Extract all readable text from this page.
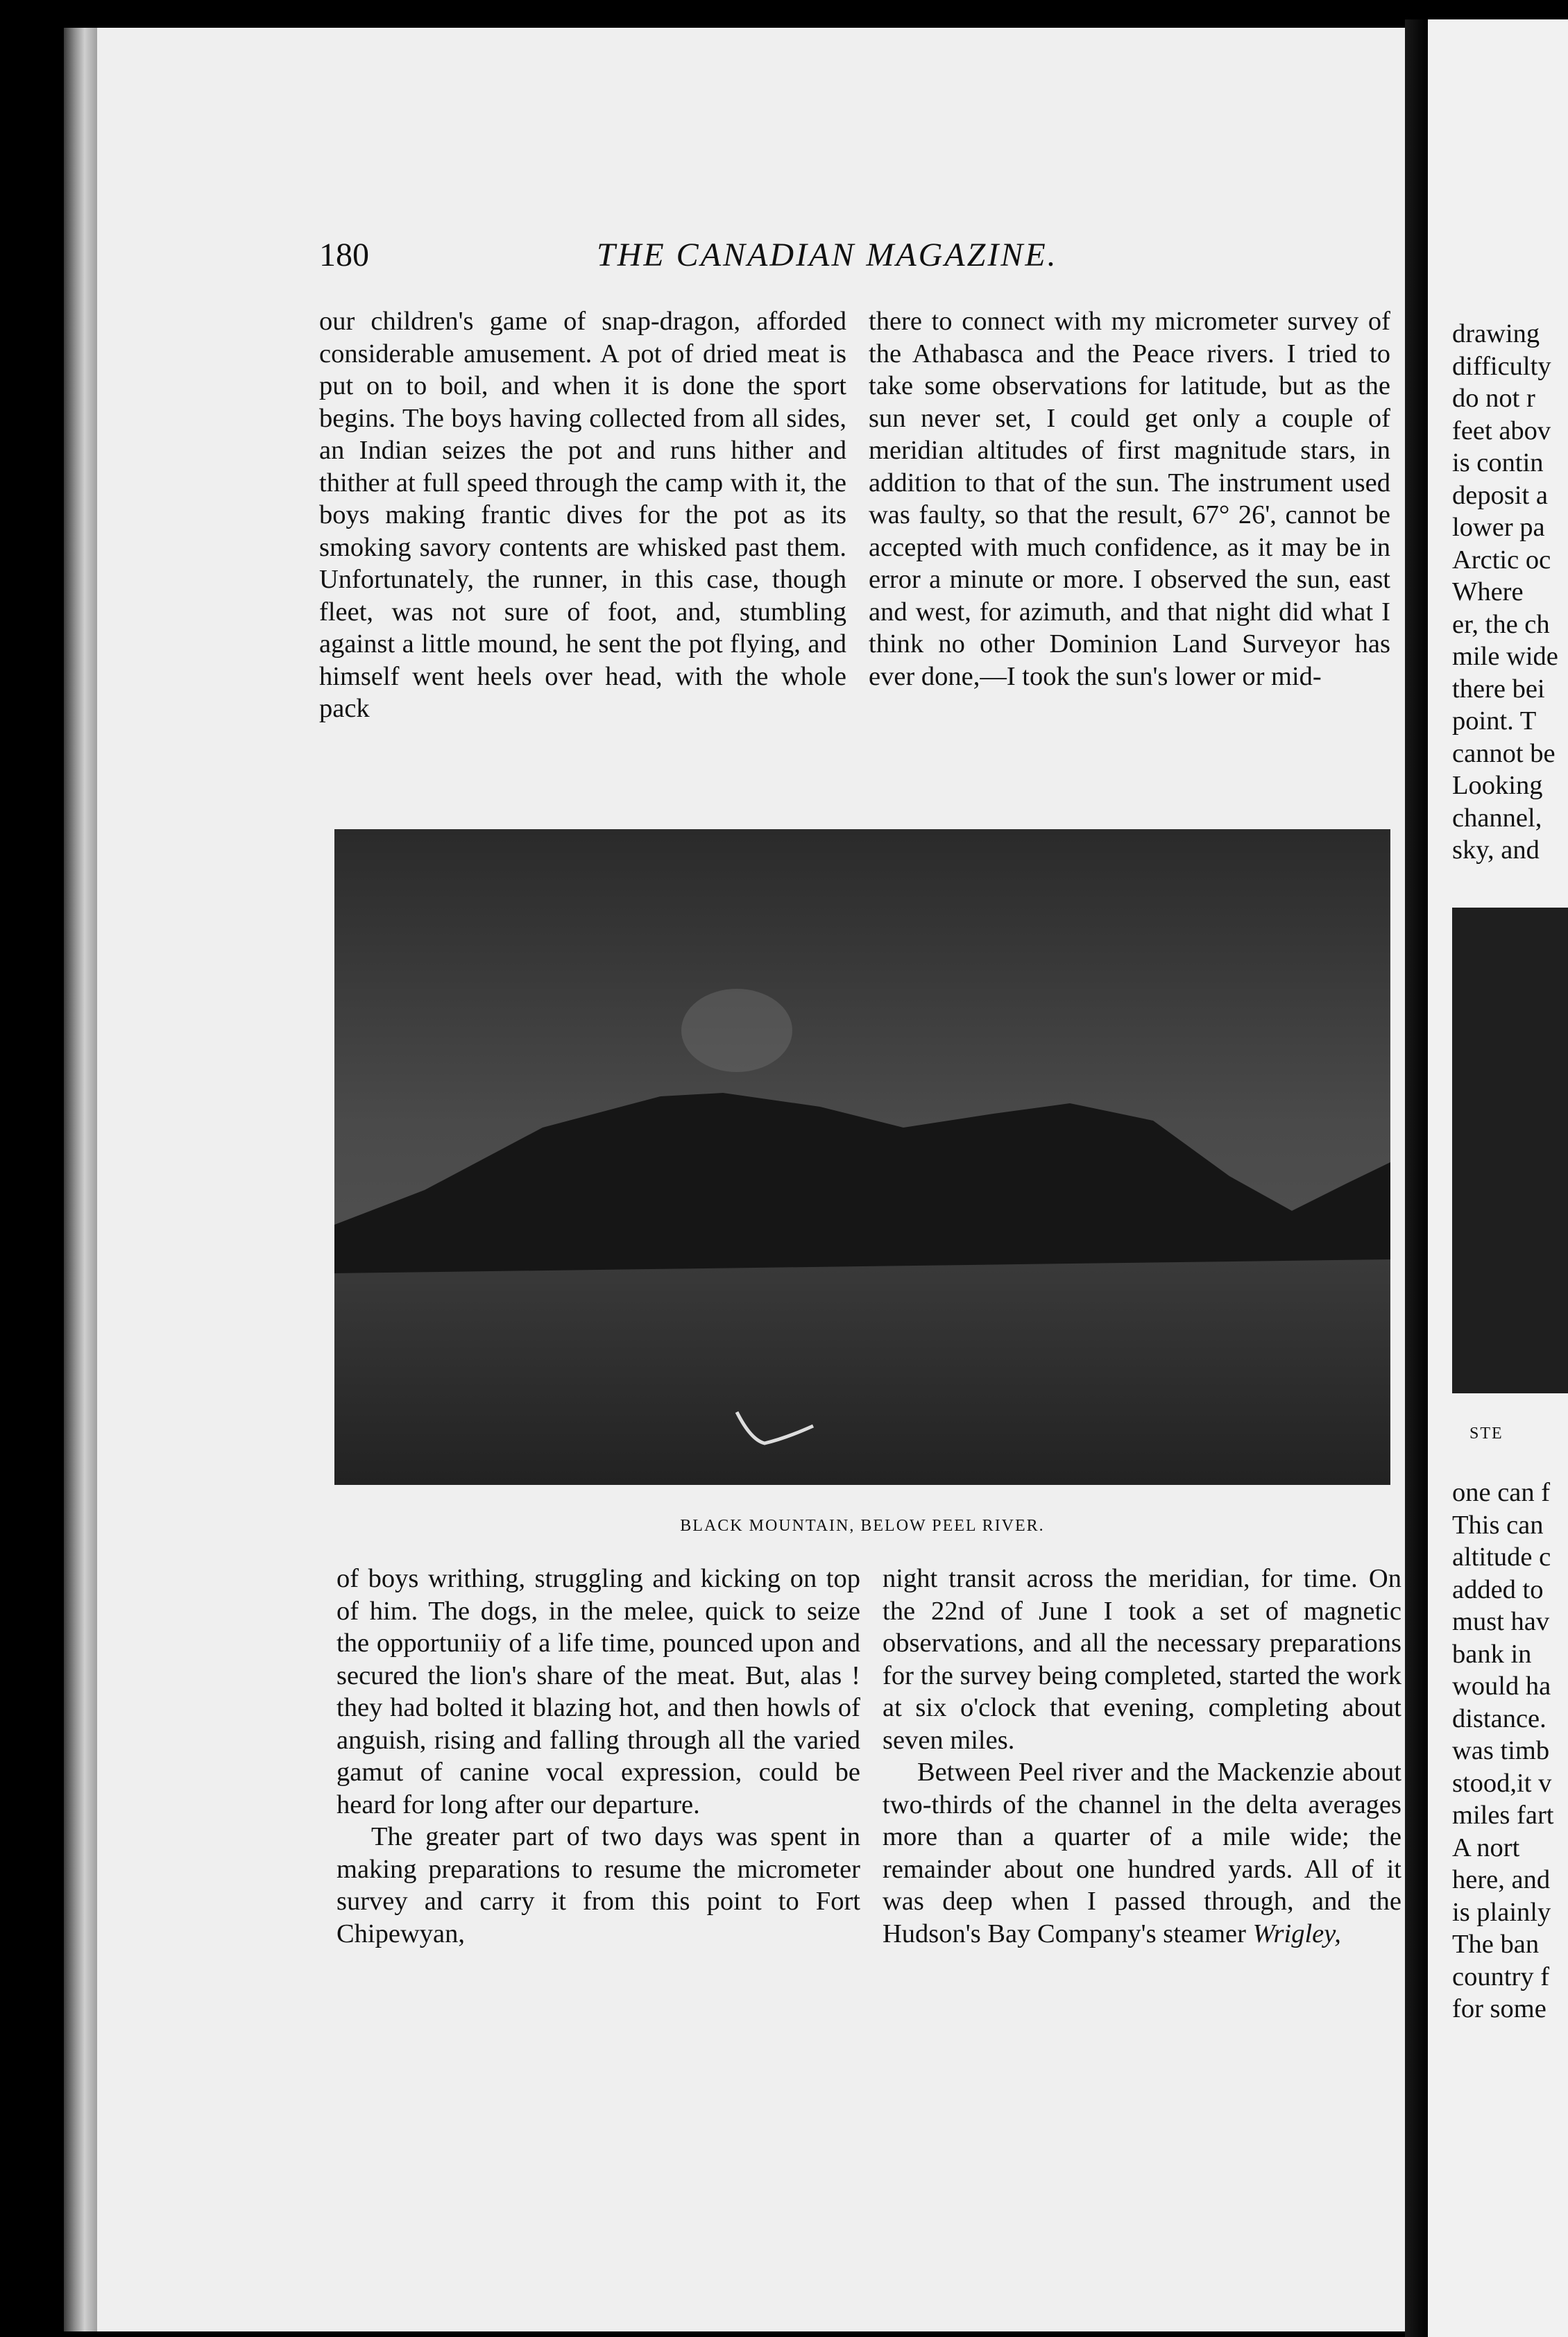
180	THE CANADIAN MAGAZINE.

our children's game of snap-dragon, afforded considerable amusement. A pot of dried meat is put on to boil, and when it is done the sport begins. The boys having collected from all sides, an Indian seizes the pot and runs hither and thither at full speed through the camp with it, the boys making frantic dives for the pot as its smoking savory contents are whisked past them. Unfortunately, the runner, in this case, though fleet, was not sure of foot, and, stumbling against a little mound, he sent the pot flying, and himself went heels over head, with the whole pack

there to connect with my micrometer survey of the Athabasca and the Peace rivers. I tried to take some observations for latitude, but as the sun never set, I could get only a couple of meridian altitudes of first magnitude stars, in addition to that of the sun. The instrument used was faulty, so that the result, 67° 26', cannot be accepted with much confidence, as it may be in error a minute or more. I observed the sun, east and west, for azimuth, and that night did what I think no other Dominion Land Surveyor has ever done,—I took the sun's lower or mid-

BLACK MOUNTAIN, BELOW PEEL RIVER.

of boys writhing, struggling and kicking on top of him. The dogs, in the melee, quick to seize the opportuniiy of a life time, pounced upon and secured the lion's share of the meat. But, alas ! they had bolted it blazing hot, and then howls of anguish, rising and falling through all the varied gamut of canine vocal expression, could be heard for long after our departure.

The greater part of two days was spent in making preparations to resume the micrometer survey and carry it from this point to Fort Chipewyan,

night transit across the meridian, for time. On the 22nd of June I took a set of magnetic observations, and all the necessary preparations for the survey being completed, started the work at six o'clock that evening, completing about seven miles.

Between Peel river and the Mackenzie about two-thirds of the channel in the delta averages more than a quarter of a mile wide; the remainder about one hundred yards. All of it was deep when I passed through, and the Hudson's Bay Company's steamer Wrigley,

drawing

difficulty

do not r

feet abov

is contin

deposit a

lower pa

Arctic oc

Where

er, the ch

mile wide

there bei

point. T

cannot be

Looking

channel,

sky, and

STE

one can f

This can

altitude c

added to

must hav

bank in

would ha

distance.

was timb

stood,it v

miles fart

A nort

here, and

is plainly

The ban

country f

for some
